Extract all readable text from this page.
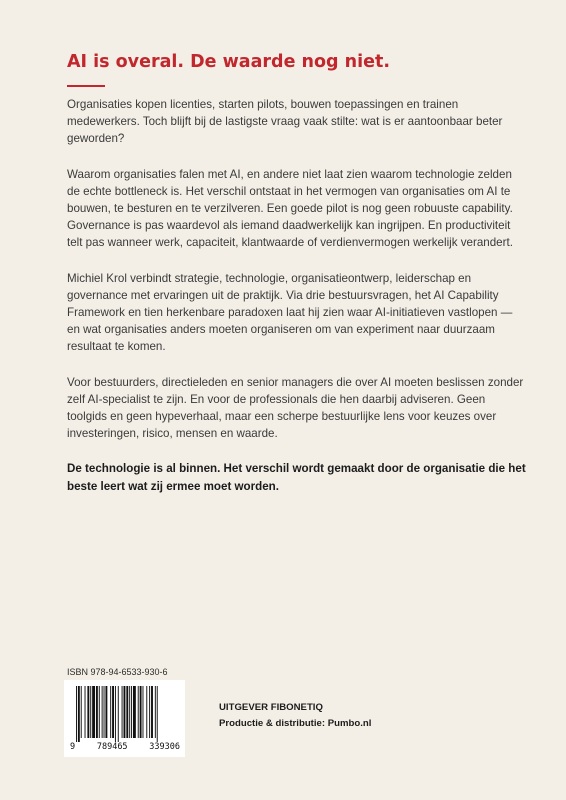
AI is overal. De waarde nog niet.

Organisaties kopen licenties, starten pilots, bouwen toepassingen en trainen medewerkers. Toch blijft bij de lastigste vraag vaak stilte: wat is er aantoonbaar beter geworden?

Waarom organisaties falen met AI, en andere niet laat zien waarom technologie zelden de echte bottleneck is. Het verschil ontstaat in het vermogen van organisaties om AI te bouwen, te besturen en te verzilveren. Een goede pilot is nog geen robuuste capability. Governance is pas waardevol als iemand daadwerkelijk kan ingrijpen. En productiviteit telt pas wanneer werk, capaciteit, klantwaarde of verdienvermogen werkelijk verandert.

Michiel Krol verbindt strategie, technologie, organisatieontwerp, leiderschap en governance met ervaringen uit de praktijk. Via drie bestuursvragen, het AI Capability Framework en tien herkenbare paradoxen laat hij zien waar AI-initiatieven vastlopen — en wat organisaties anders moeten organiseren om van experiment naar duurzaam resultaat te komen.

Voor bestuurders, directieleden en senior managers die over AI moeten beslissen zonder zelf AI-specialist te zijn. En voor de professionals die hen daarbij adviseren. Geen toolgids en geen hypeverhaal, maar een scherpe bestuurlijke lens voor keuzes over investeringen, risico, mensen en waarde.

De technologie is al binnen. Het verschil wordt gemaakt door de organisatie die het beste leert wat zij ermee moet worden.

ISBN 978-94-6533-930-6
9	789465	339306
UITGEVER FIBONETIQ
Productie & distributie: Pumbo.nl
